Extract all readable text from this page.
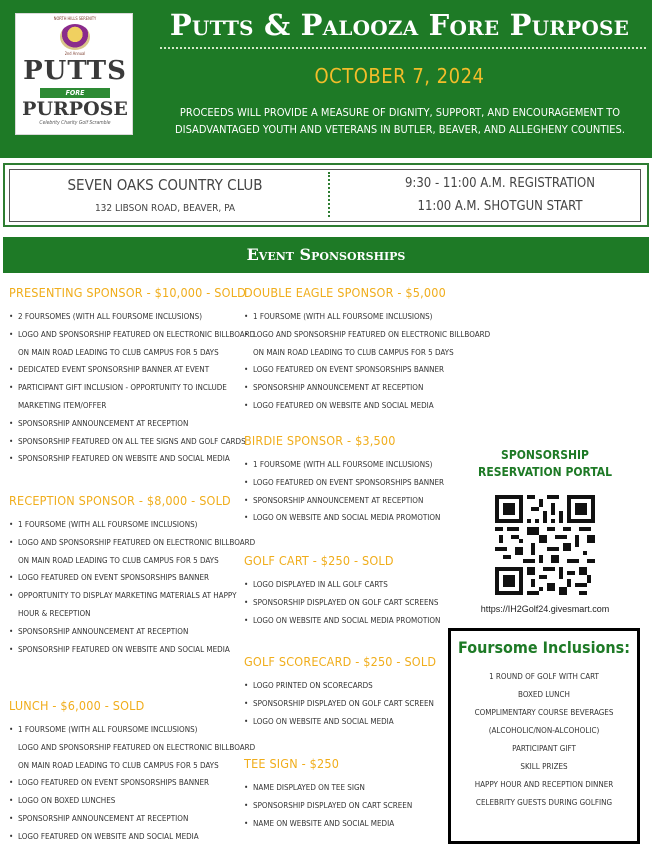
NORTH HILLS SERENITY
2nd Annual
PUTTS
FORE
PURPOSE
Celebrity Charity Golf Scramble
Putts & Palooza Fore Purpose
OCTOBER 7, 2024
PROCEEDS WILL PROVIDE A MEASURE OF DIGNITY, SUPPORT, AND ENCOURAGEMENT TO DISADVANTAGED YOUTH AND VETERANS IN BUTLER, BEAVER, AND ALLEGHENY COUNTIES.
SEVEN OAKS COUNTRY CLUB
132 LIBSON ROAD, BEAVER, PA
9:30 - 11:00 A.M. REGISTRATION
11:00 A.M. SHOTGUN START
Event Sponsorships
PRESENTING SPONSOR - $10,000 - SOLD
• 2 FOURSOMES (WITH ALL FOURSOME INCLUSIONS)
• LOGO AND SPONSORSHIP FEATURED ON ELECTRONIC BILLBOARD
ON MAIN ROAD LEADING TO CLUB CAMPUS FOR 5 DAYS
• DEDICATED EVENT SPONSORSHIP BANNER AT EVENT
• PARTICIPANT GIFT INCLUSION - OPPORTUNITY TO INCLUDE
MARKETING ITEM/OFFER
• SPONSORSHIP ANNOUNCEMENT AT RECEPTION
• SPONSORSHIP FEATURED ON ALL TEE SIGNS AND GOLF CARDS
• SPONSORSHIP FEATURED ON WEBSITE AND SOCIAL MEDIA
RECEPTION SPONSOR - $8,000 - SOLD
• 1 FOURSOME (WITH ALL FOURSOME INCLUSIONS)
• LOGO AND SPONSORSHIP FEATURED ON ELECTRONIC BILLBOARD
ON MAIN ROAD LEADING TO CLUB CAMPUS FOR 5 DAYS
• LOGO FEATURED ON EVENT SPONSORSHIPS BANNER
• OPPORTUNITY TO DISPLAY MARKETING MATERIALS AT HAPPY
HOUR & RECEPTION
• SPONSORSHIP ANNOUNCEMENT AT RECEPTION
• SPONSORSHIP FEATURED ON WEBSITE AND SOCIAL MEDIA
LUNCH - $6,000 - SOLD
• 1 FOURSOME (WITH ALL FOURSOME INCLUSIONS)
LOGO AND SPONSORSHIP FEATURED ON ELECTRONIC BILLBOARD
ON MAIN ROAD LEADING TO CLUB CAMPUS FOR 5 DAYS
• LOGO FEATURED ON EVENT SPONSORSHIPS BANNER
• LOGO ON BOXED LUNCHES
• SPONSORSHIP ANNOUNCEMENT AT RECEPTION
• LOGO FEATURED ON WEBSITE AND SOCIAL MEDIA
DOUBLE EAGLE SPONSOR - $5,000
• 1 FOURSOME (WITH ALL FOURSOME INCLUSIONS)
• LOGO AND SPONSORSHIP FEATURED ON ELECTRONIC BILLBOARD
ON MAIN ROAD LEADING TO CLUB CAMPUS FOR 5 DAYS
• LOGO FEATURED ON EVENT SPONSORSHIPS BANNER
• SPONSORSHIP ANNOUNCEMENT AT RECEPTION
• LOGO FEATURED ON WEBSITE AND SOCIAL MEDIA
BIRDIE SPONSOR - $3,500
• 1 FOURSOME (WITH ALL FOURSOME INCLUSIONS)
• LOGO FEATURED ON EVENT SPONSORSHIPS BANNER
• SPONSORSHIP ANNOUNCEMENT AT RECEPTION
• LOGO ON WEBSITE AND SOCIAL MEDIA PROMOTION
GOLF CART - $250 - SOLD
• LOGO DISPLAYED IN ALL GOLF CARTS
• SPONSORSHIP DISPLAYED ON GOLF CART SCREENS
• LOGO ON WEBSITE AND SOCIAL MEDIA PROMOTION
GOLF SCORECARD - $250 - SOLD
• LOGO PRINTED ON SCORECARDS
• SPONSORSHIP DISPLAYED ON GOLF CART SCREEN
• LOGO ON WEBSITE AND SOCIAL MEDIA
TEE SIGN - $250
• NAME DISPLAYED ON TEE SIGN
• SPONSORSHIP DISPLAYED ON CART SCREEN
• NAME ON WEBSITE AND SOCIAL MEDIA
SPONSORSHIP
RESERVATION PORTAL
https://IH2Golf24.givesmart.com
Foursome Inclusions:
1 ROUND OF GOLF WITH CART
BOXED LUNCH
COMPLIMENTARY COURSE BEVERAGES
(ALCOHOLIC/NON-ALCOHOLIC)
PARTICIPANT GIFT
SKILL PRIZES
HAPPY HOUR AND RECEPTION DINNER
CELEBRITY GUESTS DURING GOLFING
